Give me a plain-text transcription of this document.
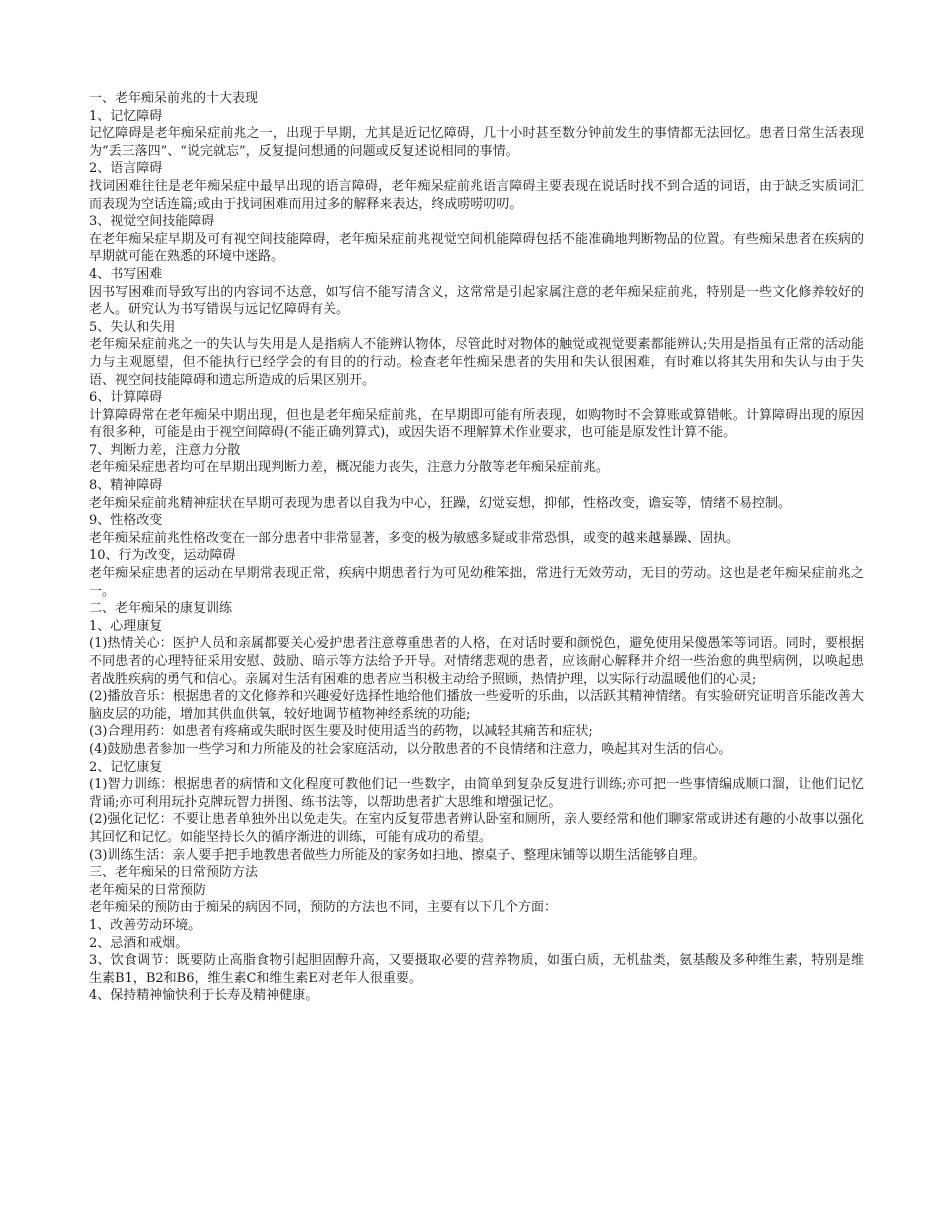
一、老年痴呆前兆的十大表现

1、记忆障碍

记忆障碍是老年痴呆症前兆之一，出现于早期，尤其是近记忆障碍，几十小时甚至数分钟前发生的事情都无法回忆。患者日常生活表现为“丢三落四”、“说完就忘”，反复提问想通的问题或反复述说相同的事情。

2、语言障碍

找词困难往往是老年痴呆症中最早出现的语言障碍，老年痴呆症前兆语言障碍主要表现在说话时找不到合适的词语，由于缺乏实质词汇而表现为空话连篇;或由于找词困难而用过多的解释来表达，终成唠唠叨叨。

3、视觉空间技能障碍

在老年痴呆症早期及可有视空间技能障碍，老年痴呆症前兆视觉空间机能障碍包括不能准确地判断物品的位置。有些痴呆患者在疾病的早期就可能在熟悉的环境中迷路。

4、书写困难

因书写困难而导致写出的内容词不达意，如写信不能写清含义，这常常是引起家属注意的老年痴呆症前兆，特别是一些文化修养较好的老人。研究认为书写错误与远记忆障碍有关。

5、失认和失用

老年痴呆症前兆之一的失认与失用是人是指病人不能辨认物体，尽管此时对物体的触觉或视觉要素都能辨认;失用是指虽有正常的活动能力与主观愿望，但不能执行已经学会的有目的的行动。检查老年性痴呆患者的失用和失认很困难，有时难以将其失用和失认与由于失语、视空间技能障碍和遗忘所造成的后果区别开。

6、计算障碍

计算障碍常在老年痴呆中期出现，但也是老年痴呆症前兆，在早期即可能有所表现，如购物时不会算账或算错帐。计算障碍出现的原因有很多种，可能是由于视空间障碍(不能正确列算式)，或因失语不理解算术作业要求，也可能是原发性计算不能。

7、判断力差，注意力分散

老年痴呆症患者均可在早期出现判断力差，概况能力丧失，注意力分散等老年痴呆症前兆。

8、精神障碍

老年痴呆症前兆精神症状在早期可表现为患者以自我为中心，狂躁，幻觉妄想，抑郁，性格改变，谵妄等，情绪不易控制。

9、性格改变

老年痴呆症前兆性格改变在一部分患者中非常显著，多变的极为敏感多疑或非常恐惧，或变的越来越暴躁、固执。

10、行为改变，运动障碍

老年痴呆症患者的运动在早期常表现正常，疾病中期患者行为可见幼稚笨拙，常进行无效劳动，无目的劳动。这也是老年痴呆症前兆之一。

二、老年痴呆的康复训练

1、心理康复

(1)热情关心：医护人员和亲属都要关心爱护患者注意尊重患者的人格，在对话时要和颜悦色，避免使用呆傻愚笨等词语。同时，要根据不同患者的心理特征采用安慰、鼓励、暗示等方法给予开导。对情绪悲观的患者，应该耐心解释并介绍一些治愈的典型病例，以唤起患者战胜疾病的勇气和信心。亲属对生活有困难的患者应当积极主动给予照顾，热情护理，以实际行动温暖他们的心灵;

(2)播放音乐：根据患者的文化修养和兴趣爱好选择性地给他们播放一些爱听的乐曲，以活跃其精神情绪。有实验研究证明音乐能改善大脑皮层的功能，增加其供血供氧，较好地调节植物神经系统的功能;

(3)合理用药：如患者有疼痛或失眠时医生要及时使用适当的药物，以减轻其痛苦和症状;

(4)鼓励患者参加一些学习和力所能及的社会家庭活动，以分散患者的不良情绪和注意力，唤起其对生活的信心。

2、记忆康复

(1)智力训练：根据患者的病情和文化程度可教他们记一些数字，由简单到复杂反复进行训练;亦可把一些事情编成顺口溜，让他们记忆背诵;亦可利用玩扑克牌玩智力拼图、练书法等，以帮助患者扩大思维和增强记忆。

(2)强化记忆：不要让患者单独外出以免走失。在室内反复带患者辨认卧室和厕所，亲人要经常和他们聊家常或讲述有趣的小故事以强化其回忆和记忆。如能坚持长久的循序渐进的训练，可能有成功的希望。

(3)训练生活：亲人要手把手地教患者做些力所能及的家务如扫地、擦桌子、整理床铺等以期生活能够自理。

三、老年痴呆的日常预防方法

老年痴呆的日常预防

老年痴呆的预防由于痴呆的病因不同，预防的方法也不同，主要有以下几个方面：

1、改善劳动环境。

2、忌酒和戒烟。

3、饮食调节：既要防止高脂食物引起胆固醇升高，又要摄取必要的营养物质，如蛋白质，无机盐类，氨基酸及多种维生素，特别是维生素B1，B2和B6，维生素C和维生素E对老年人很重要。

4、保持精神愉快利于长寿及精神健康。
